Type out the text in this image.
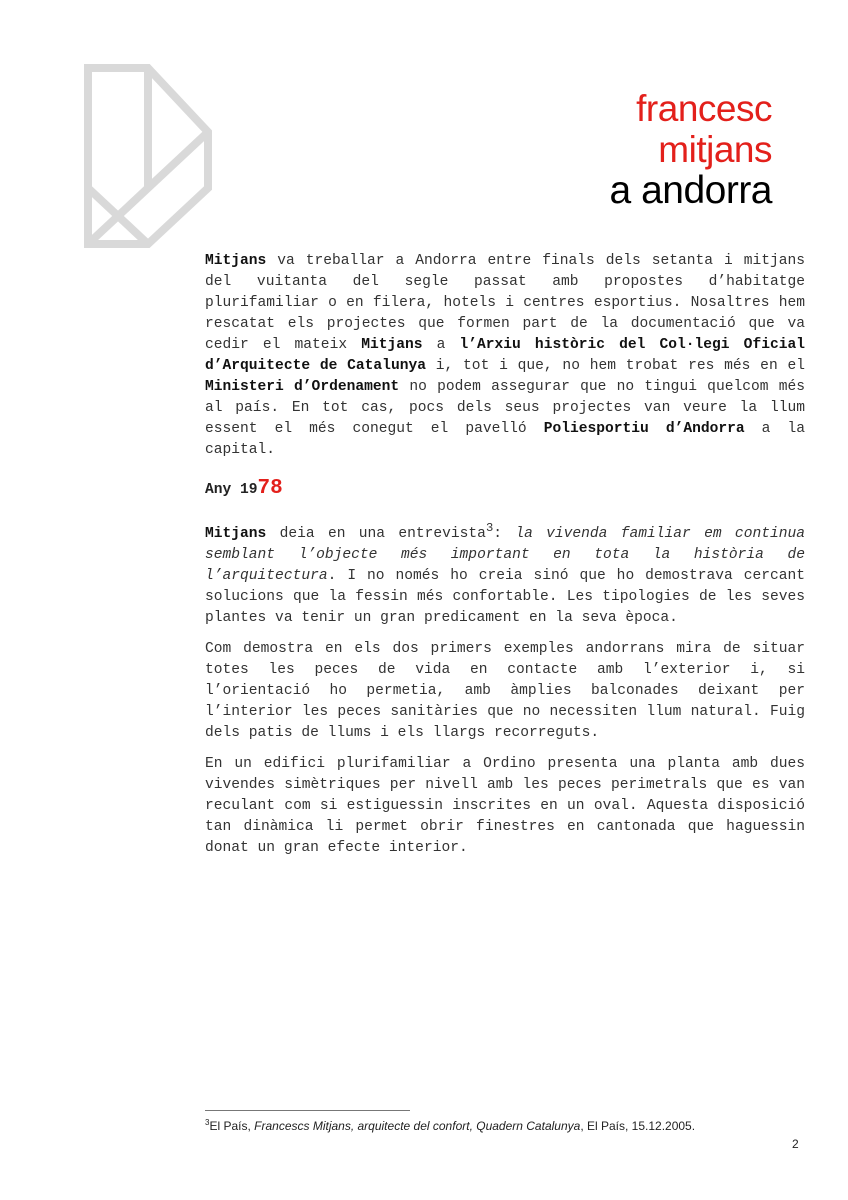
francesc
mitjans
a andorra

Mitjans va treballar a Andorra entre finals dels setanta i mitjans del vuitanta del segle passat amb propostes d’habitatge plurifamiliar o en filera, hotels i centres esportius. Nosaltres hem rescatat els projectes que formen part de la documentació que va cedir el mateix Mitjans a l’Arxiu històric del Col·legi Oficial d’Arquitecte de Catalunya i, tot i que, no hem trobat res més en el Ministeri d’Ordenament no podem assegurar que no tingui quelcom més al país. En tot cas, pocs dels seus projectes van veure la llum essent el més conegut el pavelló Poliesportiu d’Andorra a la capital.

Any 1978

Mitjans deia en una entrevista$^3$: la vivenda familiar em continua semblant l’objecte més important en tota la història de l’arquitectura. I no només ho creia sinó que ho demostrava cercant solucions que la fessin més confortable. Les tipologies de les seves plantes va tenir un gran predicament en la seva època.

Com demostra en els dos primers exemples andorrans mira de situar totes les peces de vida en contacte amb l’exterior i, si l’orientació ho permetia, amb àmplies balconades deixant per l’interior les peces sanitàries que no necessiten llum natural. Fuig dels patis de llums i els llargs recorreguts.

En un edifici plurifamiliar a Ordino presenta una planta amb dues vivendes simètriques per nivell amb les peces perimetrals que es van reculant com si estiguessin inscrites en un oval. Aquesta disposició tan dinàmica li permet obrir finestres en cantonada que haguessin donat un gran efecte interior.

$^3$El País, Francescs Mitjans, arquitecte del confort, Quadern Catalunya, El País, 15.12.2005.
2
